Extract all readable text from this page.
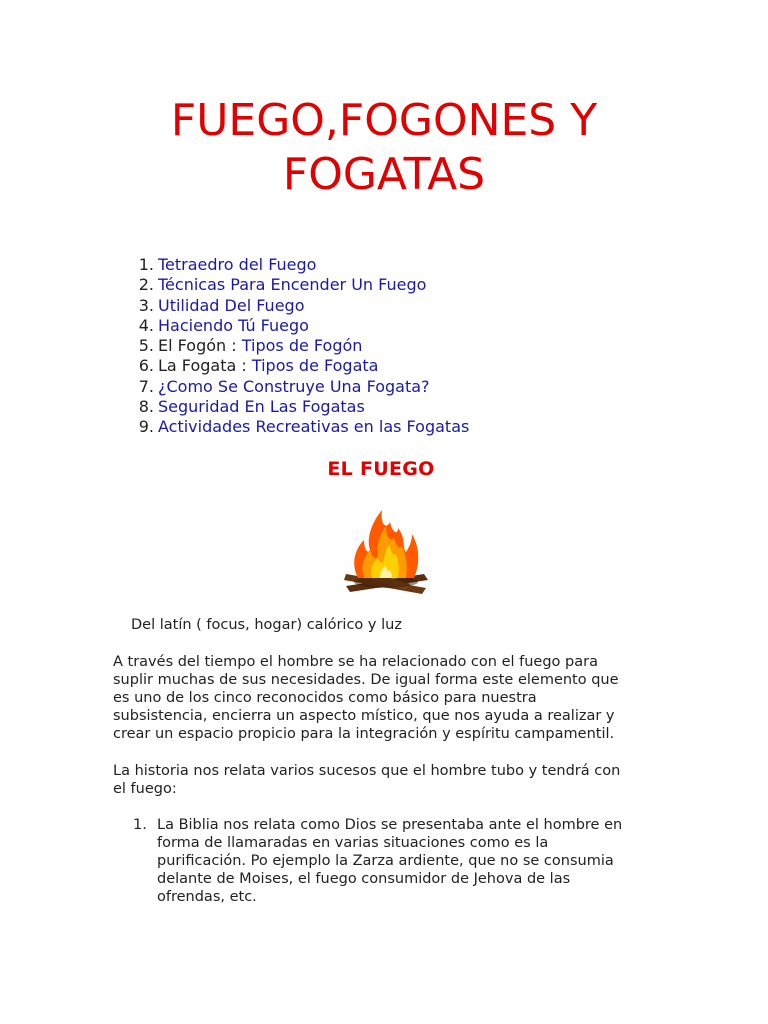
FUEGO,FOGONES Y
FOGATAS
1. Tetraedro del Fuego
2. Técnicas Para Encender Un Fuego
3. Utilidad Del Fuego
4. Haciendo Tú Fuego
5. El Fogón : Tipos de Fogón
6. La Fogata : Tipos de Fogata
7. ¿Como Se Construye Una Fogata?
8. Seguridad En Las Fogatas
9. Actividades Recreativas en las Fogatas
EL FUEGO

Del latín ( focus, hogar) calórico y luz

A través del tiempo el hombre se ha relacionado con el fuego para
suplir muchas de sus necesidades. De igual forma este elemento que
es uno de los cinco reconocidos como básico para nuestra
subsistencia, encierra un aspecto místico, que nos ayuda a realizar y
crear un espacio propicio para la integración y espíritu campamentil.

La historia nos relata varios sucesos que el hombre tubo y tendrá con
el fuego:

1. La Biblia nos relata como Dios se presentaba ante el hombre en
forma de llamaradas en varias situaciones como es la
purificación. Po ejemplo la Zarza ardiente, que no se consumia
delante de Moises, el fuego consumidor de Jehova de las
ofrendas, etc.
